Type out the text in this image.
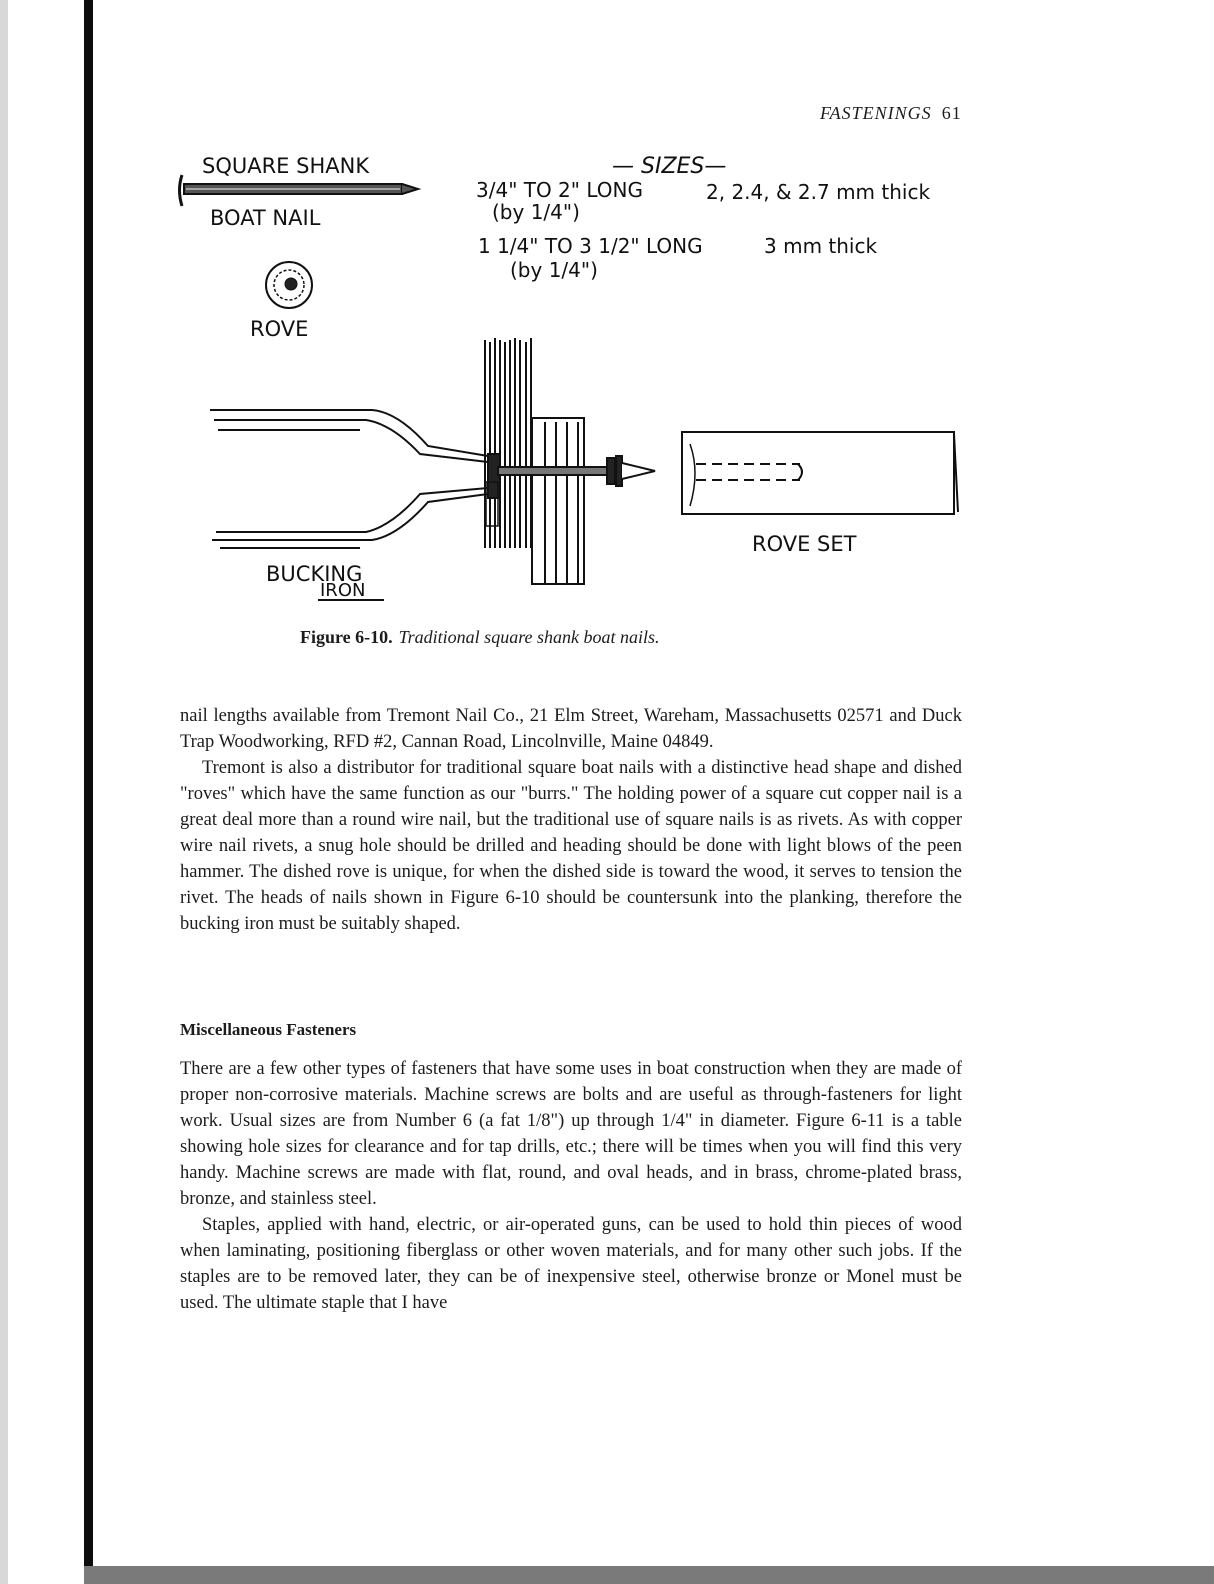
FASTENINGS 61
SQUARE SHANK
BOAT NAIL
ROVE
— SIZES—
3/4" TO 2" LONG
(by 1/4")
2, 2.4, & 2.7 mm thick
1 1/4" TO 3 1/2" LONG
(by 1/4")
3 mm thick
ROVE SET
BUCKING
IRON
Figure 6-10. Traditional square shank boat nails.

nail lengths available from Tremont Nail Co., 21 Elm Street, Wareham, Massachusetts 02571 and Duck Trap Woodworking, RFD #2, Cannan Road, Lincolnville, Maine 04849.

Tremont is also a distributor for traditional square boat nails with a distinctive head shape and dished "roves" which have the same function as our "burrs." The holding power of a square cut copper nail is a great deal more than a round wire nail, but the traditional use of square nails is as rivets. As with copper wire nail rivets, a snug hole should be drilled and heading should be done with light blows of the peen hammer. The dished rove is unique, for when the dished side is toward the wood, it serves to tension the rivet. The heads of nails shown in Figure 6-10 should be countersunk into the planking, therefore the bucking iron must be suitably shaped.

Miscellaneous Fasteners

There are a few other types of fasteners that have some uses in boat construction when they are made of proper non-corrosive materials. Machine screws are bolts and are useful as through-fasteners for light work. Usual sizes are from Number 6 (a fat 1/8") up through 1/4" in diameter. Figure 6-11 is a table showing hole sizes for clearance and for tap drills, etc.; there will be times when you will find this very handy. Machine screws are made with flat, round, and oval heads, and in brass, chrome-plated brass, bronze, and stainless steel.

Staples, applied with hand, electric, or air-operated guns, can be used to hold thin pieces of wood when laminating, positioning fiberglass or other woven materials, and for many other such jobs. If the staples are to be removed later, they can be of inexpensive steel, otherwise bronze or Monel must be used. The ultimate staple that I have
